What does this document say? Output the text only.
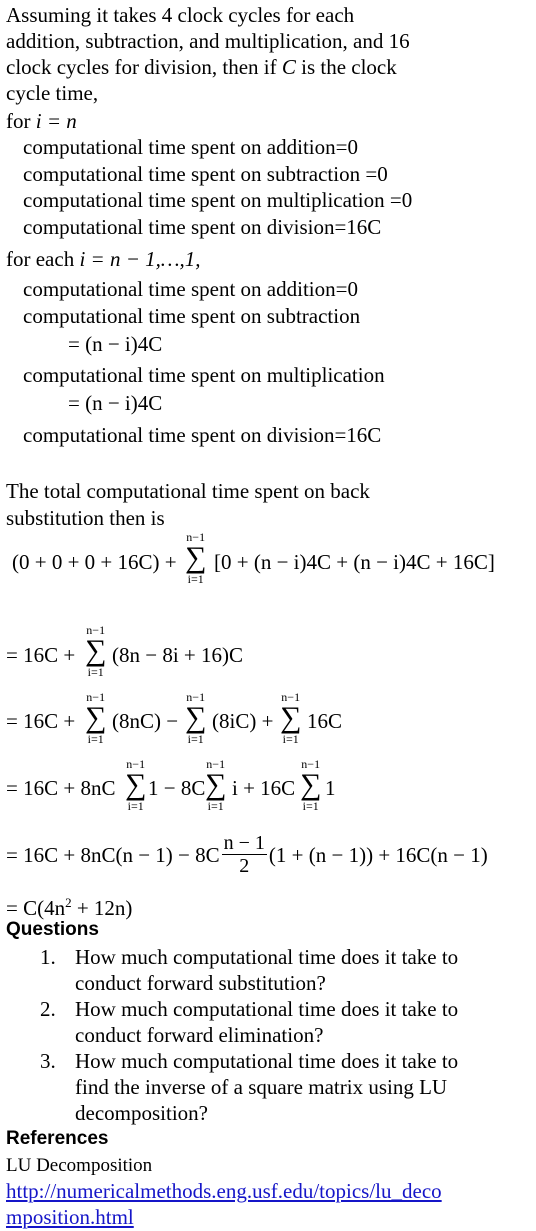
Assuming it takes 4 clock cycles for each
addition, subtraction, and multiplication, and 16
clock cycles for division, then if C is the clock
cycle time,
for i = n
computational time spent on addition=0
computational time spent on subtraction =0
computational time spent on multiplication =0
computational time spent on division=16C
for each i = n − 1,…,1,
computational time spent on addition=0
computational time spent on subtraction
= (n − i)4C
computational time spent on multiplication
= (n − i)4C
computational time spent on division=16C
The total computational time spent on back
substitution then is
(0 + 0 + 0 + 16C) +
n−1
∑
i=1
[0 + (n − i)4C + (n − i)4C + 16C]
= 16C +
n−1
∑
i=1
(8n − 8i + 16)C
= 16C +
n−1
∑
i=1
(8nC) −
n−1
∑
i=1
(8iC) +
n−1
∑
i=1
16C
= 16C + 8nC
n−1
∑
i=1
1 − 8C
n−1
∑
i=1
i + 16C
n−1
∑
i=1
1
= $16C + 8nC(n - 1) - 8C \frac{n - 1}{2} (1 + (n - 1)) + 16C(n - 1)$
= $C(4n^2 + 12n)$
Questions
1. How much computational time does it take to conduct forward substitution?
2. How much computational time does it take to conduct forward elimination?
3. How much computational time does it take to find the inverse of a square matrix using LU decomposition?
References
LU Decomposition
http://numericalmethods.eng.usf.edu/topics/lu_deco
mposition.html
